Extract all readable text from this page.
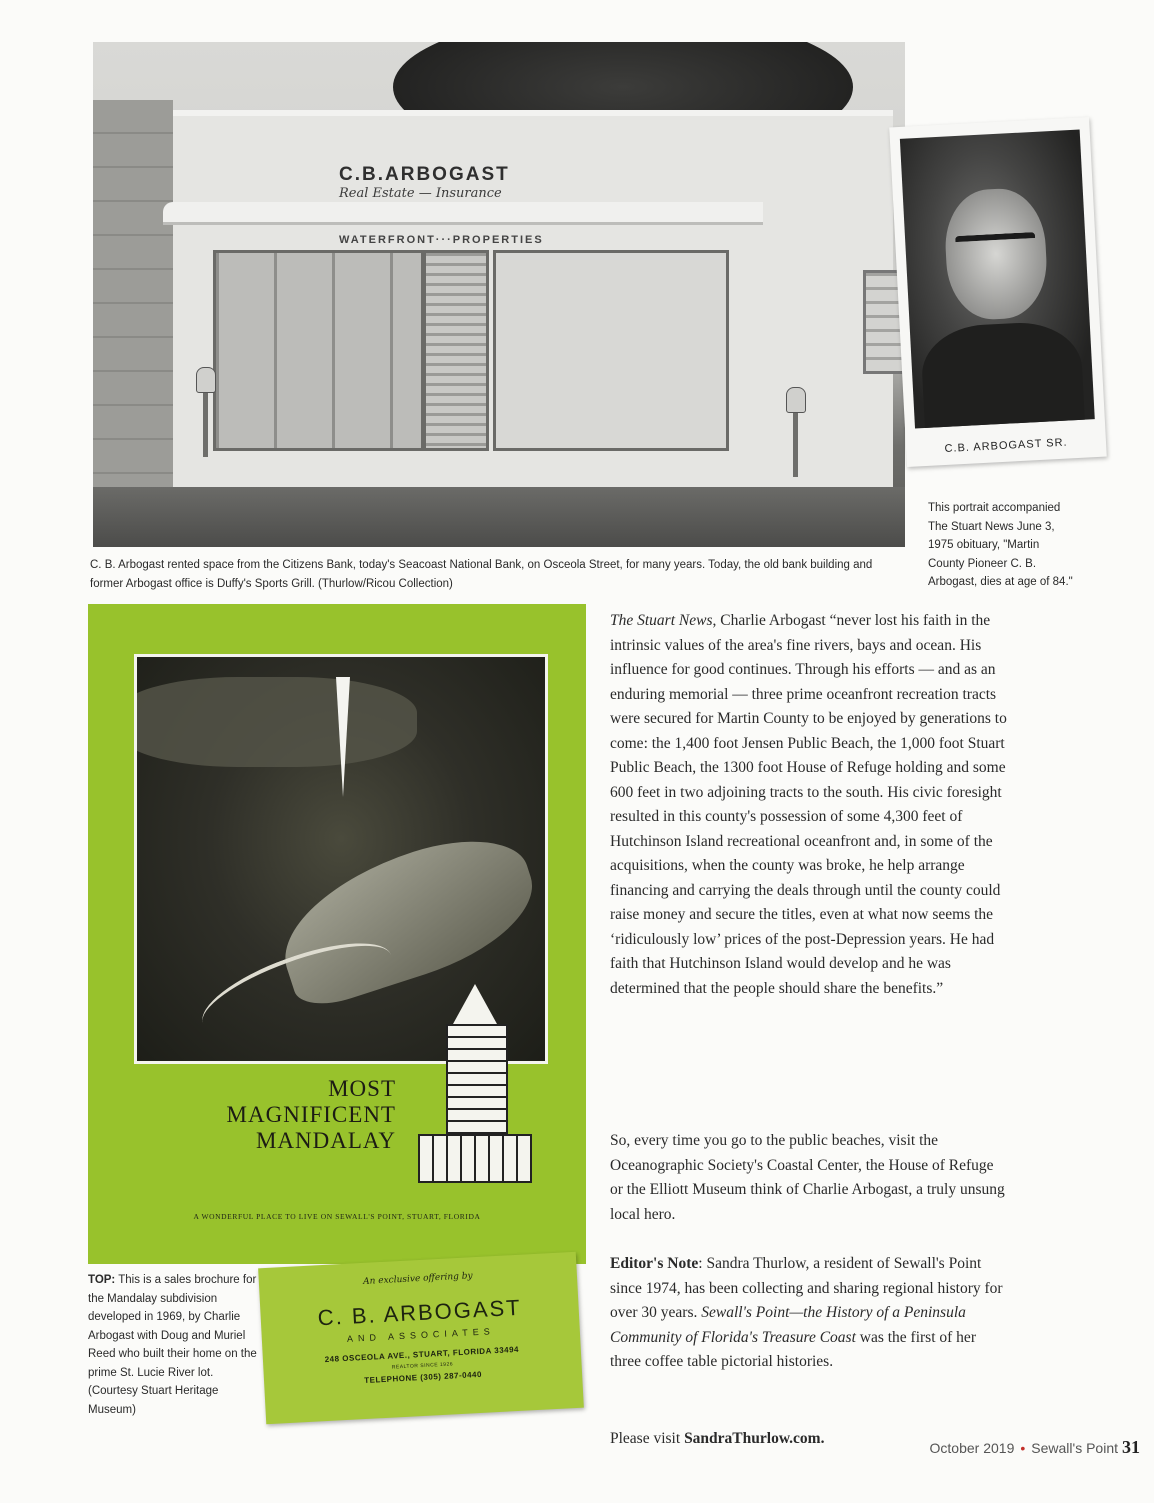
C.B.ARBOGAST
Real Estate — Insurance
WATERFRONT···PROPERTIES
C. B. Arbogast rented space from the Citizens Bank, today's Seacoast National Bank, on Osceola Street, for many years. Today, the old bank building and former Arbogast office is Duffy's Sports Grill. (Thurlow/Ricou Collection)
C.B. ARBOGAST SR.
This portrait accompanied The Stuart News June 3, 1975 obituary, "Martin County Pioneer C. B. Arbogast, dies at age of 84."
MOST
MAGNIFICENT
MANDALAY
A WONDERFUL PLACE TO LIVE ON SEWALL'S POINT, STUART, FLORIDA
TOP: This is a sales brochure for the Mandalay subdivision developed in 1969, by Charlie Arbogast with Doug and Muriel Reed who built their home on the prime St. Lucie River lot. (Courtesy Stuart Heritage Museum)
An exclusive offering by
C. B. ARBOGAST
AND ASSOCIATES
248 OSCEOLA AVE., STUART, FLORIDA 33494
REALTOR SINCE 1926
TELEPHONE (305) 287-0440
The Stuart News, Charlie Arbogast “never lost his faith in the intrinsic values of the area's fine rivers, bays and ocean. His influence for good continues. Through his efforts — and as an enduring memorial — three prime oceanfront recreation tracts were secured for Martin County to be enjoyed by generations to come: the 1,400 foot Jensen Public Beach, the 1,000 foot Stuart Public Beach, the 1300 foot House of Refuge holding and some 600 feet in two adjoining tracts to the south. His civic foresight resulted in this county's possession of some 4,300 feet of Hutchinson Island recreational oceanfront and, in some of the acquisitions, when the county was broke, he help arrange financing and carrying the deals through until the county could raise money and secure the titles, even at what now seems the ‘ridiculously low’ prices of the post-Depression years. He had faith that Hutchinson Island would develop and he was determined that the people should share the benefits.”
So, every time you go to the public beaches, visit the Oceanographic Society's Coastal Center, the House of Refuge or the Elliott Museum think of Charlie Arbogast, a truly unsung local hero.
Editor's Note: Sandra Thurlow, a resident of Sewall's Point since 1974, has been collecting and sharing regional history for over 30 years. Sewall's Point—the History of a Peninsula Community of Florida's Treasure Coast was the first of her three coffee table pictorial histories.
Please visit SandraThurlow.com.
October 2019 • Sewall's Point 31
